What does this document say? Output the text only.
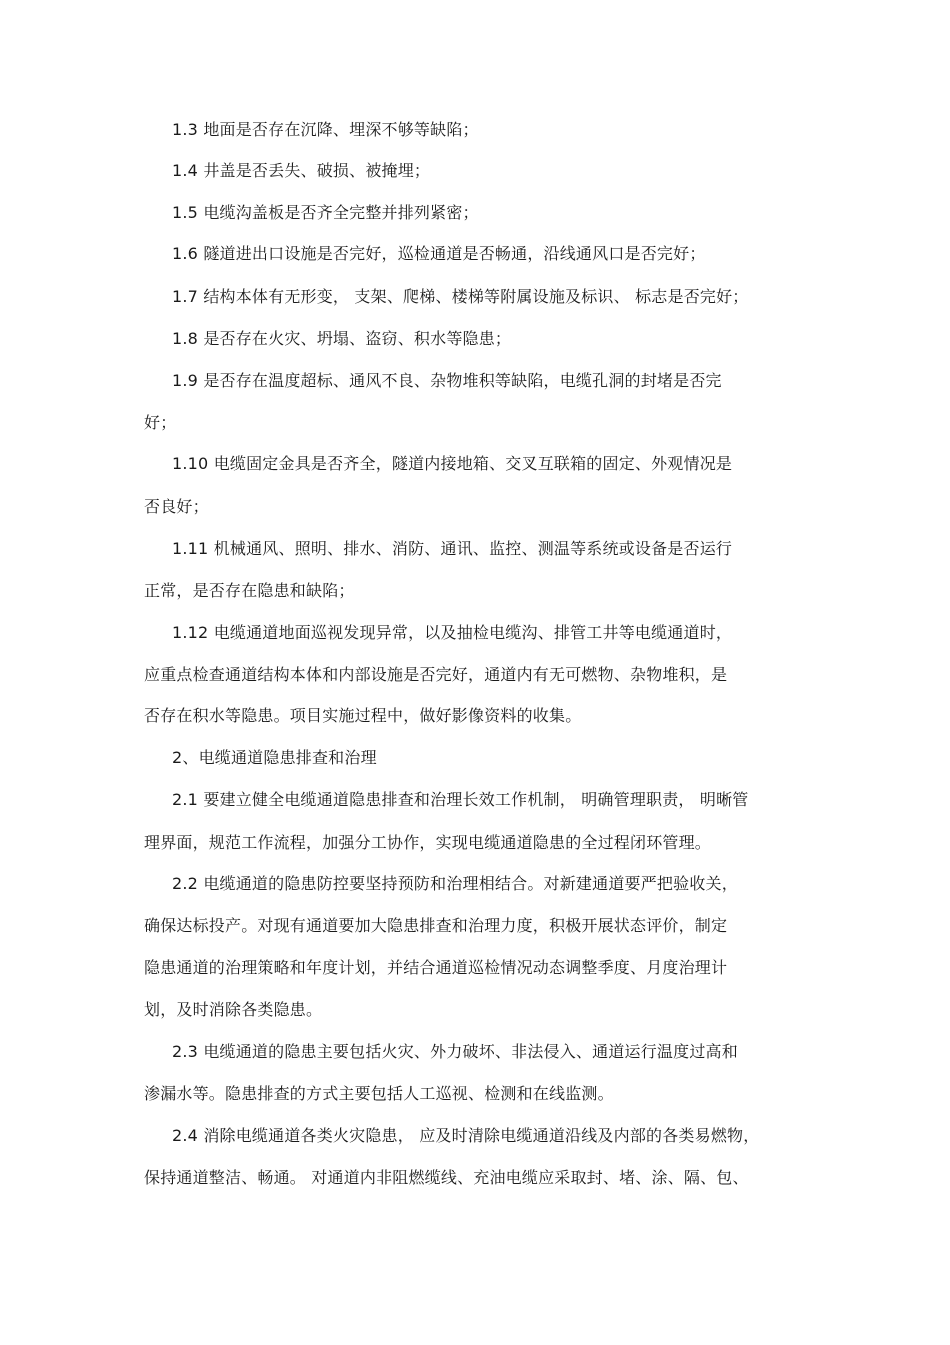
1.3 地面是否存在沉降、埋深不够等缺陷；
1.4 井盖是否丢失、破损、被掩埋；
1.5 电缆沟盖板是否齐全完整并排列紧密；
1.6 隧道进出口设施是否完好，巡检通道是否畅通，沿线通风口是否完好；
1.7 结构本体有无形变， 支架、爬梯、楼梯等附属设施及标识、 标志是否完好；
1.8 是否存在火灾、坍塌、盗窃、积水等隐患；
1.9 是否存在温度超标、通风不良、杂物堆积等缺陷，电缆孔洞的封堵是否完
好；
1.10 电缆固定金具是否齐全，隧道内接地箱、交叉互联箱的固定、外观情况是
否良好；
1.11 机械通风、照明、排水、消防、通讯、监控、测温等系统或设备是否运行
正常，是否存在隐患和缺陷；
1.12 电缆通道地面巡视发现异常，以及抽检电缆沟、排管工井等电缆通道时，
应重点检查通道结构本体和内部设施是否完好，通道内有无可燃物、杂物堆积，是
否存在积水等隐患。项目实施过程中，做好影像资料的收集。
2、电缆通道隐患排查和治理
2.1 要建立健全电缆通道隐患排查和治理长效工作机制， 明确管理职责， 明晰管
理界面，规范工作流程，加强分工协作，实现电缆通道隐患的全过程闭环管理。
2.2 电缆通道的隐患防控要坚持预防和治理相结合。对新建通道要严把验收关，
确保达标投产。对现有通道要加大隐患排查和治理力度，积极开展状态评价，制定
隐患通道的治理策略和年度计划，并结合通道巡检情况动态调整季度、月度治理计
划，及时消除各类隐患。
2.3 电缆通道的隐患主要包括火灾、外力破坏、非法侵入、通道运行温度过高和
渗漏水等。隐患排查的方式主要包括人工巡视、检测和在线监测。
2.4 消除电缆通道各类火灾隐患， 应及时清除电缆通道沿线及内部的各类易燃物，
保持通道整洁、畅通。 对通道内非阻燃缆线、充油电缆应采取封、堵、涂、隔、包、
